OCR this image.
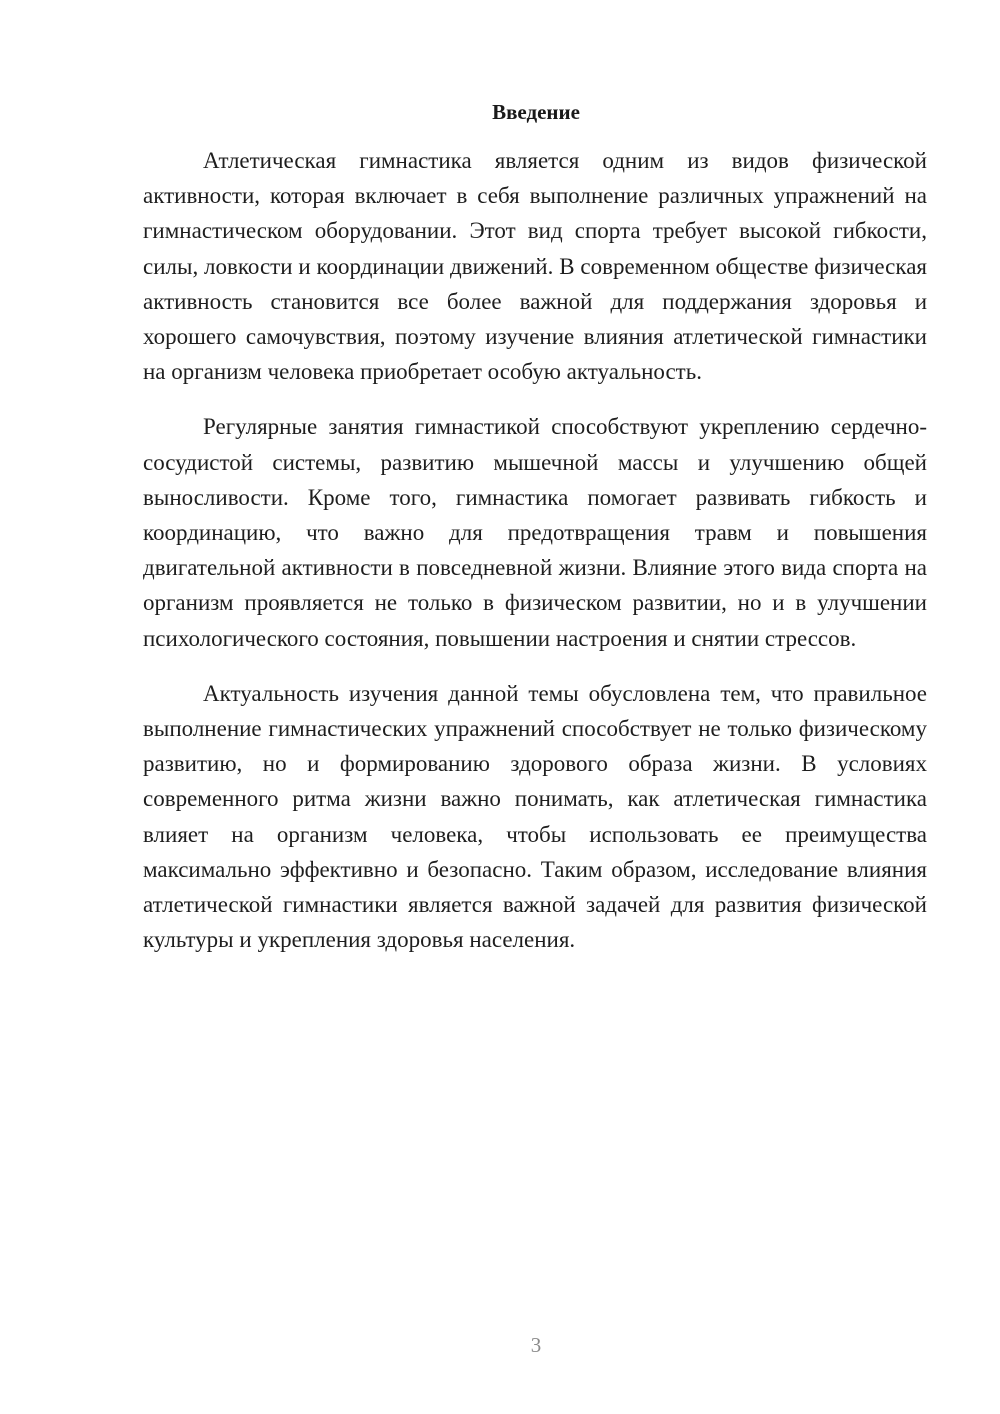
Введение

Атлетическая гимнастика является одним из видов физической активности, которая включает в себя выполнение различных упражнений на гимнастическом оборудовании. Этот вид спорта требует высокой гибкости, силы, ловкости и координации движений. В современном обществе физическая активность становится все более важной для поддержания здоровья и хорошего самочувствия, поэтому изучение влияния атлетической гимнастики на организм человека приобретает особую актуальность.

Регулярные занятия гимнастикой способствуют укреплению сердечно-сосудистой системы, развитию мышечной массы и улучшению общей выносливости. Кроме того, гимнастика помогает развивать гибкость и координацию, что важно для предотвращения травм и повышения двигательной активности в повседневной жизни. Влияние этого вида спорта на организм проявляется не только в физическом развитии, но и в улучшении психологического состояния, повышении настроения и снятии стрессов.

Актуальность изучения данной темы обусловлена тем, что правильное выполнение гимнастических упражнений способствует не только физическому развитию, но и формированию здорового образа жизни. В условиях современного ритма жизни важно понимать, как атлетическая гимнастика влияет на организм человека, чтобы использовать ее преимущества максимально эффективно и безопасно. Таким образом, исследование влияния атлетической гимнастики является важной задачей для развития физической культуры и укрепления здоровья населения.

3
